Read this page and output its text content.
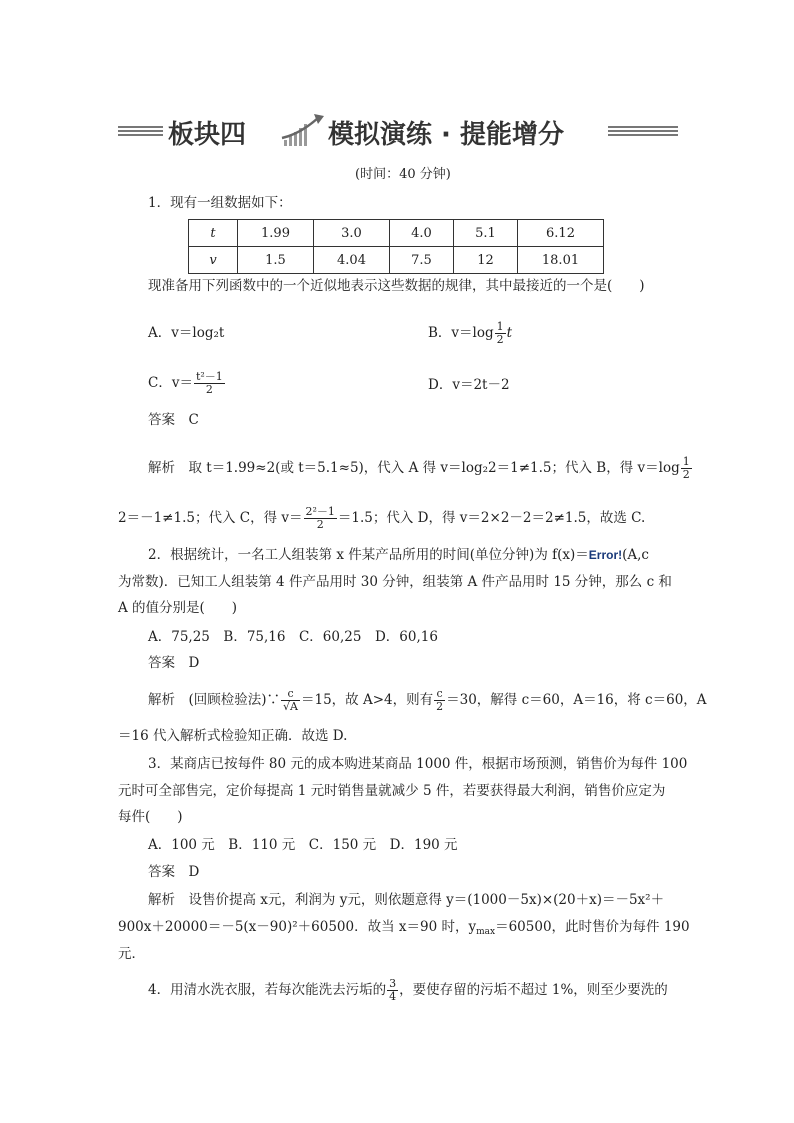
板块四	模拟演练 · 提能增分
(时间：40 分钟)
1．现有一组数据如下：
t	1.99	3.0	4.0	5.1	6.12
v	1.5	4.04	7.5	12	18.01
现准备用下列函数中的一个近似地表示这些数据的规律，其中最接近的一个是(　　)
A．v＝log₂t	B．$v=\log \frac{1}{2}$ t
C．$v= \frac{\text{t²－1}}{2}$	D．v＝2t－2
答案　C
解析　取 t＝1.99≈2(或 t＝5.1≈5)，代入 A 得 v＝log₂2＝1≠1.5；代入 B，得 $v=\log \frac{1}{2}$
2＝－1≠1.5；代入 C，得 $v= \frac{\text{2²－1}}{2} =1.5$；代入 D，得 v＝2×2－2＝2≠1.5，故选 C.
2．根据统计，一名工人组装第 x 件某产品所用的时间(单位分钟)为 f(x)＝Error!(A,c
为常数)．已知工人组装第 4 件产品用时 30 分钟，组装第 A 件产品用时 15 分钟，那么 c 和
A 的值分别是(　　)
A．75,25　B．75,16　C．60,25　D．60,16
答案　D
解析　(回顾检验法)∵ $\frac{c}{√A} =15$，故 A>4，则有 $\frac{c}{2} =30$，解得 c＝60，A＝16，将 c＝60，A
＝16 代入解析式检验知正确．故选 D.
3．某商店已按每件 80 元的成本购进某商品 1000 件，根据市场预测，销售价为每件 100
元时可全部售完，定价每提高 1 元时销售量就减少 5 件，若要获得最大利润，销售价应定为
每件(　　)
A．100 元　B．110 元　C．150 元　D．190 元
答案　D
解析　设售价提高 x元，利润为 y元，则依题意得 y＝(1000－5x)×(20＋x)＝－5x²＋
900x＋20000＝－5(x－90)²＋60500．故当 x＝90 时，$y_{max}=60500$，此时售价为每件 190
元．
4．用清水洗衣服，若每次能洗去污垢的 $\frac{3}{4}$ ，要使存留的污垢不超过 1%，则至少要洗的
